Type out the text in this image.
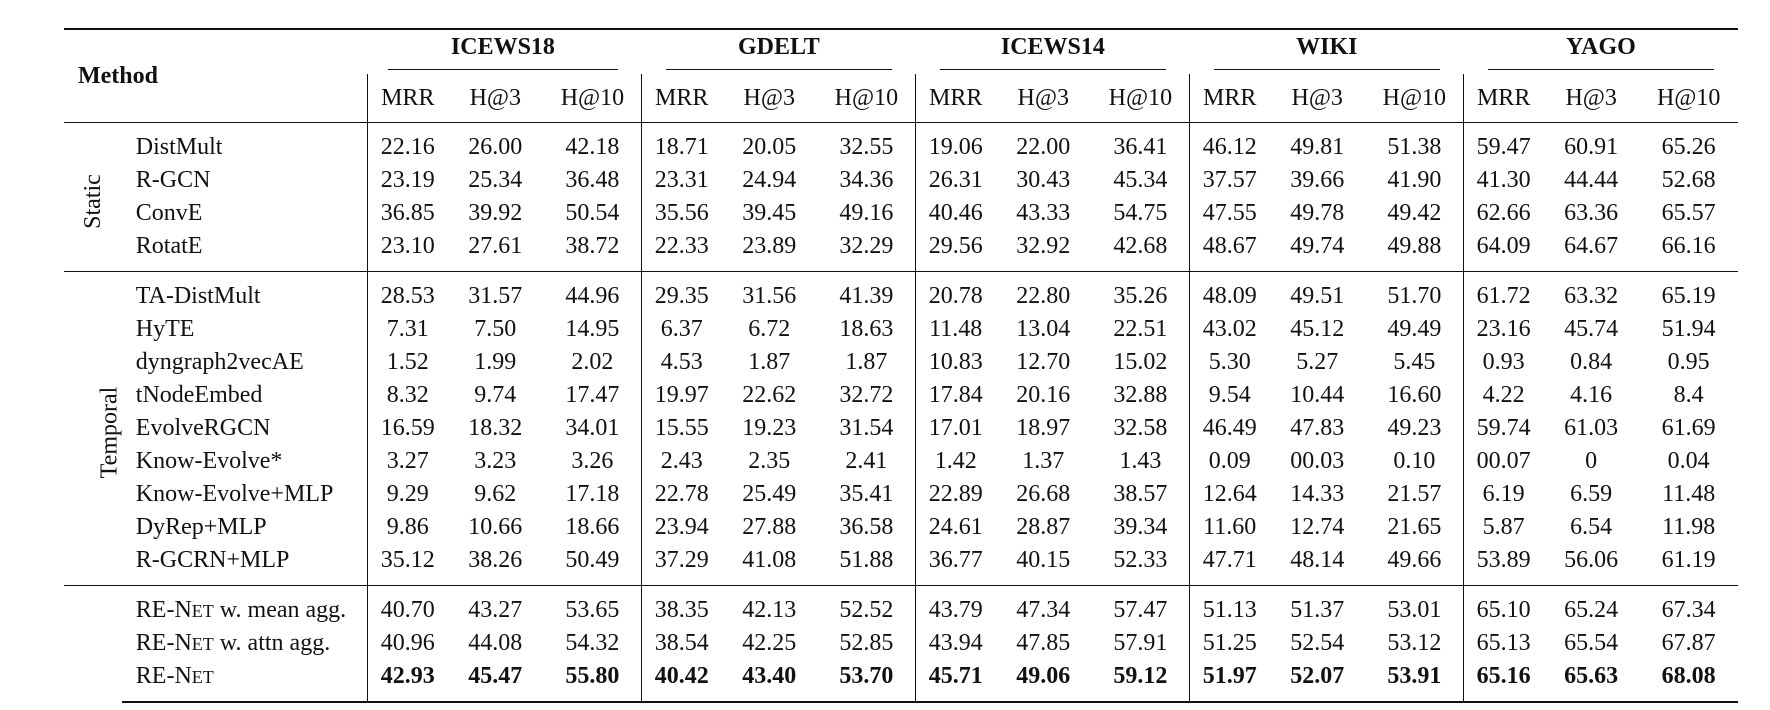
Method		ICEWS18			GDELT			ICEWS14			WIKI			YAGO		

		MRR	H@3	H@10	MRR	H@3	H@10	MRR	H@3	H@10	MRR	H@3	H@10	MRR	H@3	H@10
Static	DistMult	22.16	26.00	42.18	18.71	20.05	32.55	19.06	22.00	36.41	46.12	49.81	51.38	59.47	60.91	65.26
	R-GCN	23.19	25.34	36.48	23.31	24.94	34.36	26.31	30.43	45.34	37.57	39.66	41.90	41.30	44.44	52.68
	ConvE	36.85	39.92	50.54	35.56	39.45	49.16	40.46	43.33	54.75	47.55	49.78	49.42	62.66	63.36	65.57
	RotatE	23.10	27.61	38.72	22.33	23.89	32.29	29.56	32.92	42.68	48.67	49.74	49.88	64.09	64.67	66.16
Temporal	TA-DistMult	28.53	31.57	44.96	29.35	31.56	41.39	20.78	22.80	35.26	48.09	49.51	51.70	61.72	63.32	65.19
	HyTE	7.31	7.50	14.95	6.37	6.72	18.63	11.48	13.04	22.51	43.02	45.12	49.49	23.16	45.74	51.94
	dyngraph2vecAE	1.52	1.99	2.02	4.53	1.87	1.87	10.83	12.70	15.02	5.30	5.27	5.45	0.93	0.84	0.95
	tNodeEmbed	8.32	9.74	17.47	19.97	22.62	32.72	17.84	20.16	32.88	9.54	10.44	16.60	4.22	4.16	8.4
	EvolveRGCN	16.59	18.32	34.01	15.55	19.23	31.54	17.01	18.97	32.58	46.49	47.83	49.23	59.74	61.03	61.69
	Know-Evolve*	3.27	3.23	3.26	2.43	2.35	2.41	1.42	1.37	1.43	0.09	00.03	0.10	00.07	0	0.04
	Know-Evolve+MLP	9.29	9.62	17.18	22.78	25.49	35.41	22.89	26.68	38.57	12.64	14.33	21.57	6.19	6.59	11.48
	DyRep+MLP	9.86	10.66	18.66	23.94	27.88	36.58	24.61	28.87	39.34	11.60	12.74	21.65	5.87	6.54	11.98
	R-GCRN+MLP	35.12	38.26	50.49	37.29	41.08	51.88	36.77	40.15	52.33	47.71	48.14	49.66	53.89	56.06	61.19
	RE-NET w. mean agg.	40.70	43.27	53.65	38.35	42.13	52.52	43.79	47.34	57.47	51.13	51.37	53.01	65.10	65.24	67.34
	RE-NET w. attn agg.	40.96	44.08	54.32	38.54	42.25	52.85	43.94	47.85	57.91	51.25	52.54	53.12	65.13	65.54	67.87
	RE-NET	42.93	45.47	55.80	40.42	43.40	53.70	45.71	49.06	59.12	51.97	52.07	53.91	65.16	65.63	68.08
